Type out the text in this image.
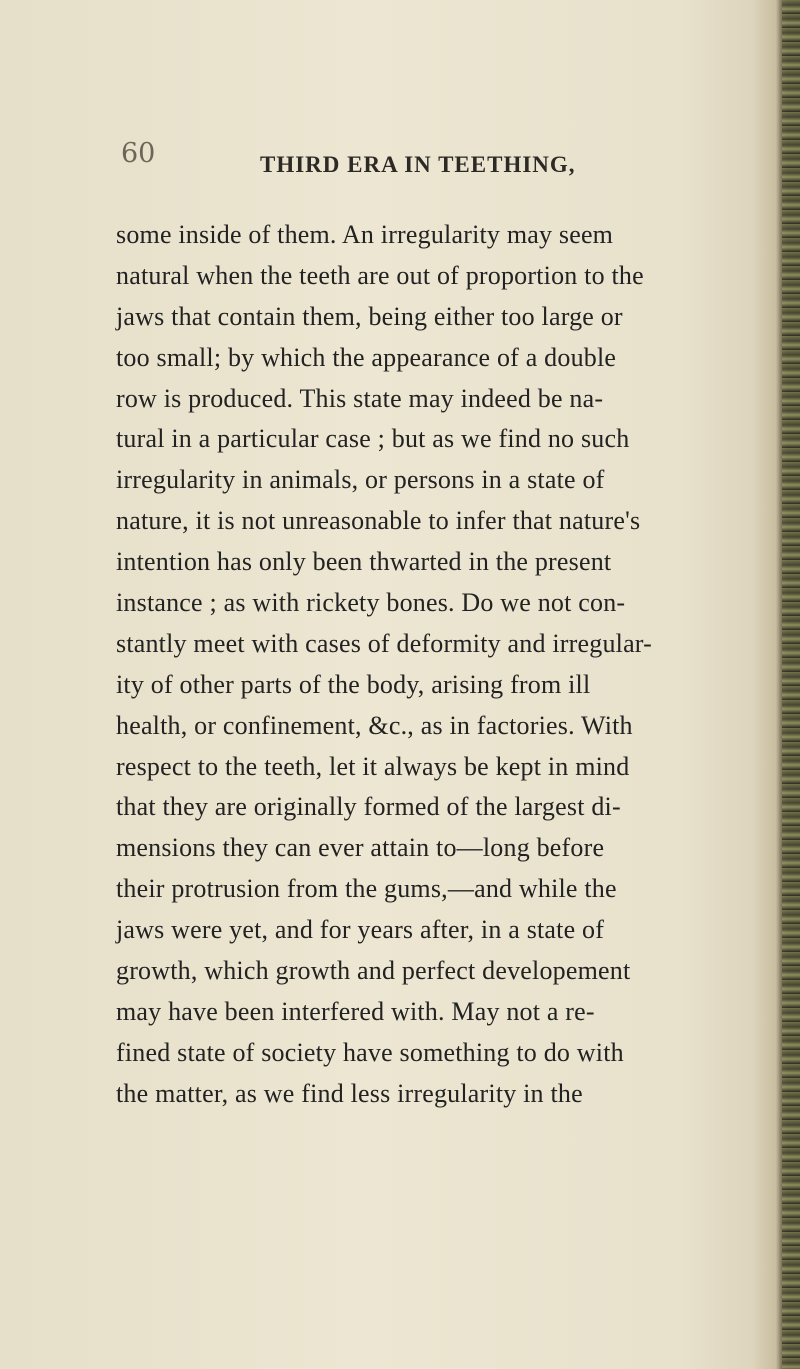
60	THIRD ERA IN TEETHING,
some inside of them. An irregularity may seem
natural when the teeth are out of proportion to the
jaws that contain them, being either too large or
too small; by which the appearance of a double
row is produced. This state may indeed be na-
tural in a particular case ; but as we find no such
irregularity in animals, or persons in a state of
nature, it is not unreasonable to infer that nature's
intention has only been thwarted in the present
instance ; as with rickety bones. Do we not con-
stantly meet with cases of deformity and irregular-
ity of other parts of the body, arising from ill
health, or confinement, &c., as in factories. With
respect to the teeth, let it always be kept in mind
that they are originally formed of the largest di-
mensions they can ever attain to—long before
their protrusion from the gums,—and while the
jaws were yet, and for years after, in a state of
growth, which growth and perfect developement
may have been interfered with. May not a re-
fined state of society have something to do with
the matter, as we find less irregularity in the
